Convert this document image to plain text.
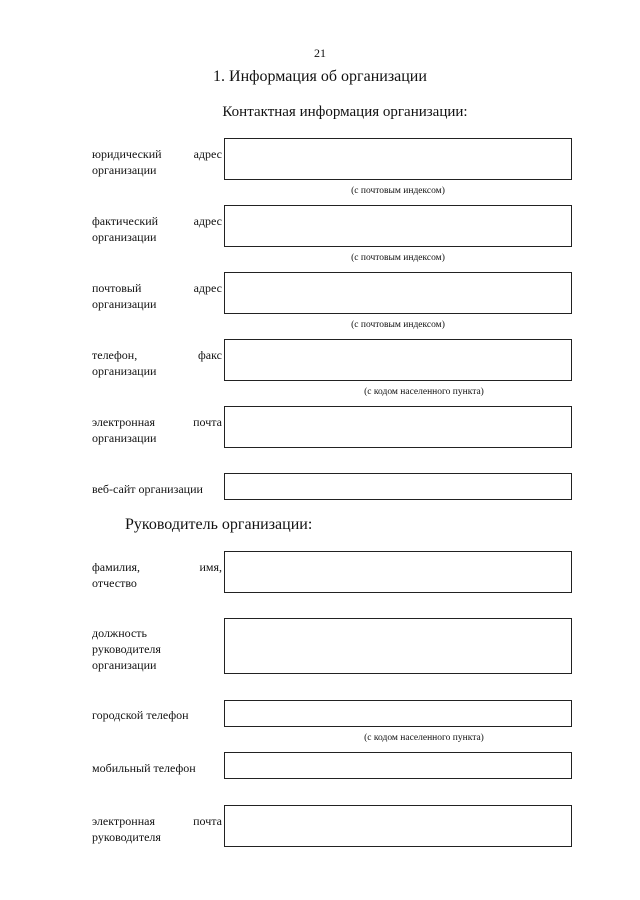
21
1. Информация об организации
Контактная информация организации:
юридический	адрес
организации
(с почтовым индексом)
фактический	адрес
организации
(с почтовым индексом)
почтовый	адрес
организации
(с почтовым индексом)
телефон,	факс
организации
(с кодом населенного пункта)
электронная	почта
организации
веб-сайт организации
Руководитель организации:
фамилия,	имя,
отчество
должность
руководителя
организации
городской телефон
(с кодом населенного пункта)
мобильный телефон
электронная	почта
руководителя
